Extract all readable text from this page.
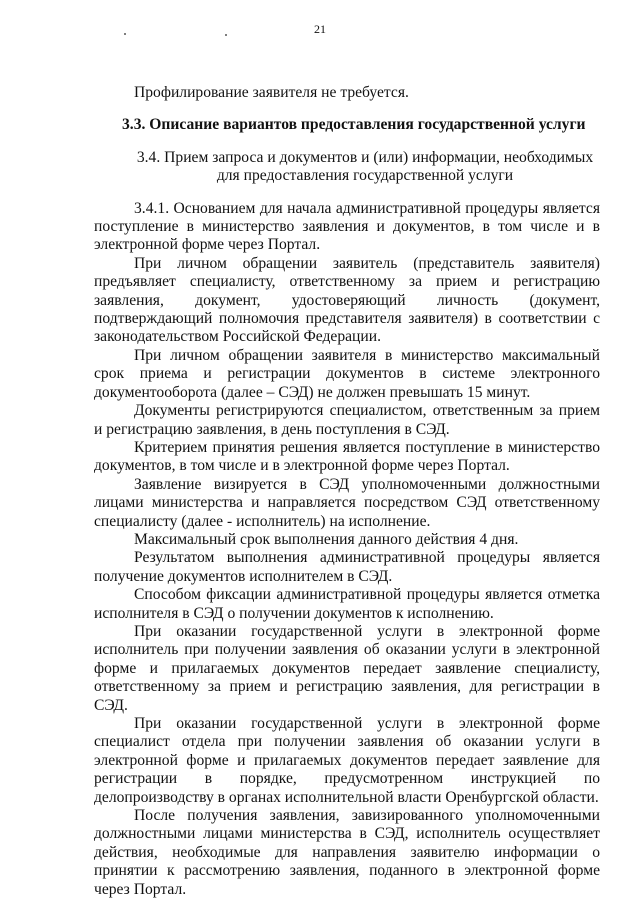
21

Профилирование заявителя не требуется.

3.3. Описание вариантов предоставления государственной услуги

3.4. Прием запроса и документов и (или) информации, необходимых
для предоставления государственной услуги

3.4.1. Основанием для начала административной процедуры является поступление в министерство заявления и документов, в том числе и в электронной форме через Портал.

При личном обращении заявитель (представитель заявителя) предъявляет специалисту, ответственному за прием и регистрацию заявления, документ, удостоверяющий личность (документ, подтверждающий полномочия представителя заявителя) в соответствии с законодательством Российской Федерации.

При личном обращении заявителя в министерство максимальный срок приема и регистрации документов в системе электронного документооборота (далее – СЭД) не должен превышать 15 минут.

Документы регистрируются специалистом, ответственным за прием и регистрацию заявления, в день поступления в СЭД.

Критерием принятия решения является поступление в министерство документов, в том числе и в электронной форме через Портал.

Заявление визируется в СЭД уполномоченными должностными лицами министерства и направляется посредством СЭД ответственному специалисту (далее - исполнитель) на исполнение.

Максимальный срок выполнения данного действия 4 дня.

Результатом выполнения административной процедуры является получение документов исполнителем в СЭД.

Способом фиксации административной процедуры является отметка исполнителя в СЭД о получении документов к исполнению.

При оказании государственной услуги в электронной форме исполнитель при получении заявления об оказании услуги в электронной форме и прилагаемых документов передает заявление специалисту, ответственному за прием и регистрацию заявления, для регистрации в СЭД.

При оказании государственной услуги в электронной форме специалист отдела при получении заявления об оказании услуги в электронной форме и прилагаемых документов передает заявление для регистрации в порядке, предусмотренном инструкцией по делопроизводству в органах исполнительной власти Оренбургской области.

После получения заявления, завизированного уполномоченными должностными лицами министерства в СЭД, исполнитель осуществляет действия, необходимые для направления заявителю информации о принятии к рассмотрению заявления, поданного в электронной форме через Портал.
